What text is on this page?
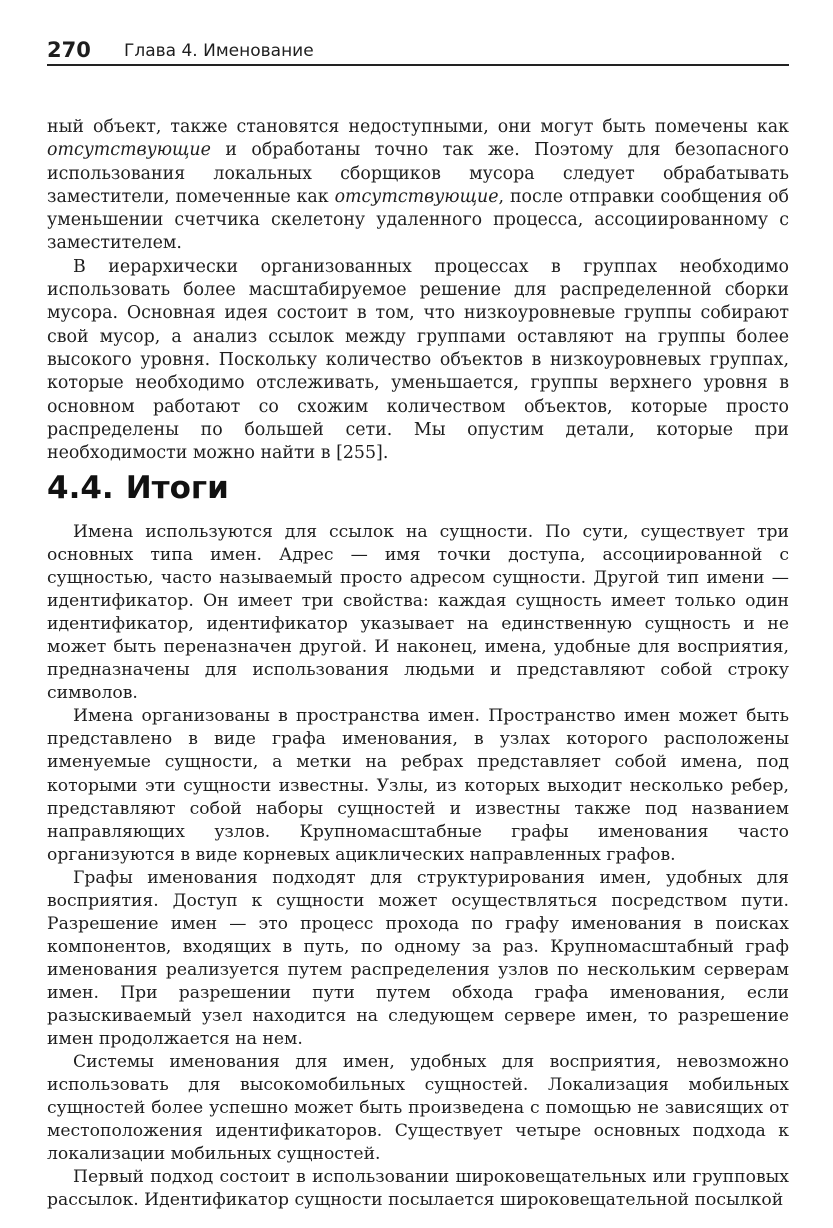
270 Глава 4. Именование

ный объект, также становятся недоступными, они могут быть помечены как отсутствующие и обработаны точно так же. Поэтому для безопасного использования локальных сборщиков мусора следует обрабатывать заместители, помеченные как отсутствующие, после отправки сообщения об уменьшении счетчика скелетону удаленного процесса, ассоциированному с заместителем.

В иерархически организованных процессах в группах необходимо использовать более масштабируемое решение для распределенной сборки мусора. Основная идея состоит в том, что низкоуровневые группы собирают свой мусор, а анализ ссылок между группами оставляют на группы более высокого уровня. Поскольку количество объектов в низкоуровневых группах, которые необходимо отслеживать, уменьшается, группы верхнего уровня в основном работают со схожим количеством объектов, которые просто распределены по большей сети. Мы опустим детали, которые при необходимости можно найти в [255].

4.4. Итоги

Имена используются для ссылок на сущности. По сути, существует три основных типа имен. Адрес — имя точки доступа, ассоциированной с сущностью, часто называемый просто адресом сущности. Другой тип имени — идентификатор. Он имеет три свойства: каждая сущность имеет только один идентификатор, идентификатор указывает на единственную сущность и не может быть переназначен другой. И наконец, имена, удобные для восприятия, предназначены для использования людьми и представляют собой строку символов.

Имена организованы в пространства имен. Пространство имен может быть представлено в виде графа именования, в узлах которого расположены именуемые сущности, а метки на ребрах представляет собой имена, под которыми эти сущности известны. Узлы, из которых выходит несколько ребер, представляют собой наборы сущностей и известны также под названием направляющих узлов. Крупномасштабные графы именования часто организуются в виде корневых ациклических направленных графов.

Графы именования подходят для структурирования имен, удобных для восприятия. Доступ к сущности может осуществляться посредством пути. Разрешение имен — это процесс прохода по графу именования в поисках компонентов, входящих в путь, по одному за раз. Крупномасштабный граф именования реализуется путем распределения узлов по нескольким серверам имен. При разрешении пути путем обхода графа именования, если разыскиваемый узел находится на следующем сервере имен, то разрешение имен продолжается на нем.

Системы именования для имен, удобных для восприятия, невозможно использовать для высокомобильных сущностей. Локализация мобильных сущностей более успешно может быть произведена с помощью не зависящих от местоположения идентификаторов. Существует четыре основных подхода к локализации мобильных сущностей.

Первый подход состоит в использовании широковещательных или групповых рассылок. Идентификатор сущности посылается широковещательной посылкой
